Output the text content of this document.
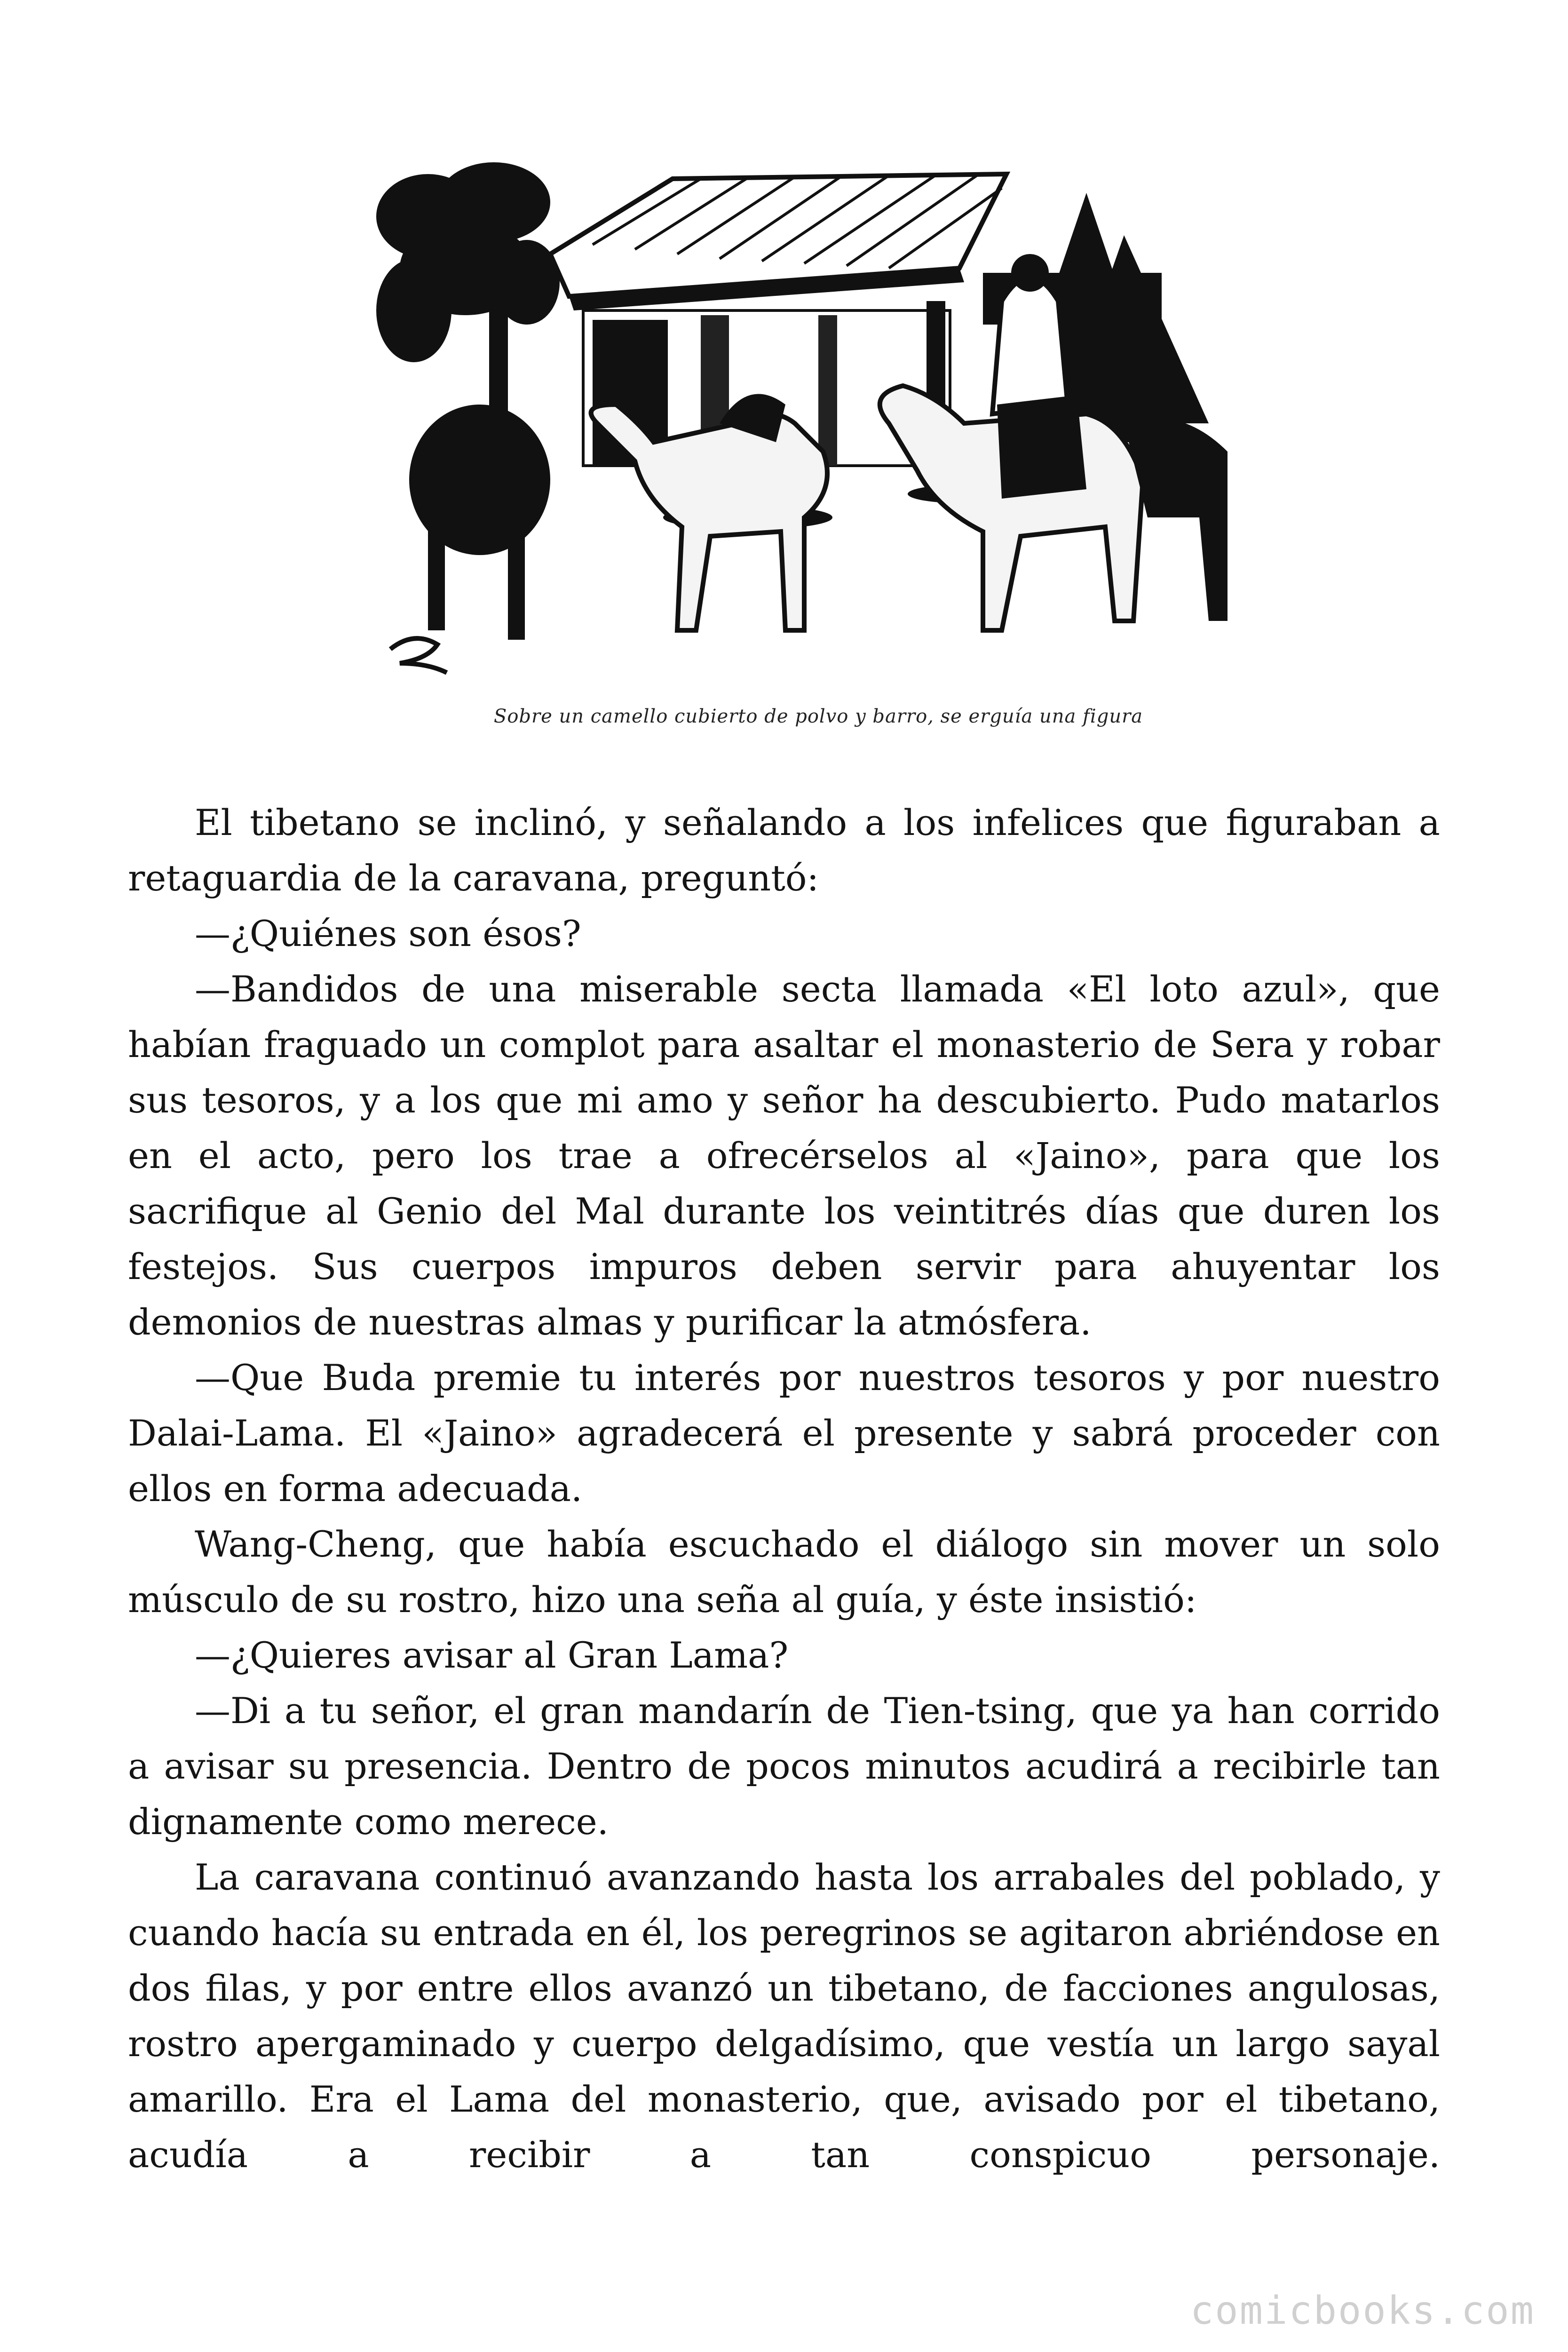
Sobre un camello cubierto de polvo y barro, se erguía una figura

El tibetano se inclinó, y señalando a los infelices que figuraban a retaguardia de la caravana, preguntó:

—¿Quiénes son ésos?

—Bandidos de una miserable secta llamada «El loto azul», que habían fraguado un complot para asaltar el monasterio de Sera y robar sus tesoros, y a los que mi amo y señor ha descubierto. Pudo matarlos en el acto, pero los trae a ofrecérselos al «Jaino», para que los sacrifique al Genio del Mal durante los veintitrés días que duren los festejos. Sus cuerpos impuros deben servir para ahuyentar los demonios de nuestras almas y purificar la atmósfera.

—Que Buda premie tu interés por nuestros tesoros y por nuestro Dalai-Lama. El «Jaino» agradecerá el presente y sabrá proceder con ellos en forma adecuada.

Wang-Cheng, que había escuchado el diálogo sin mover un solo músculo de su rostro, hizo una seña al guía, y éste insistió:

—¿Quieres avisar al Gran Lama?

—Di a tu señor, el gran mandarín de Tien-tsing, que ya han corrido a avisar su presencia. Dentro de pocos minutos acudirá a recibirle tan dignamente como merece.

La caravana continuó avanzando hasta los arrabales del poblado, y cuando hacía su entrada en él, los peregrinos se agitaron abriéndose en dos filas, y por entre ellos avanzó un tibetano, de facciones angulosas, rostro apergaminado y cuerpo delgadísimo, que vestía un largo sayal amarillo. Era el Lama del monasterio, que, avisado por el tibetano, acudía a recibir a tan conspicuo personaje.

comicbooks.com
